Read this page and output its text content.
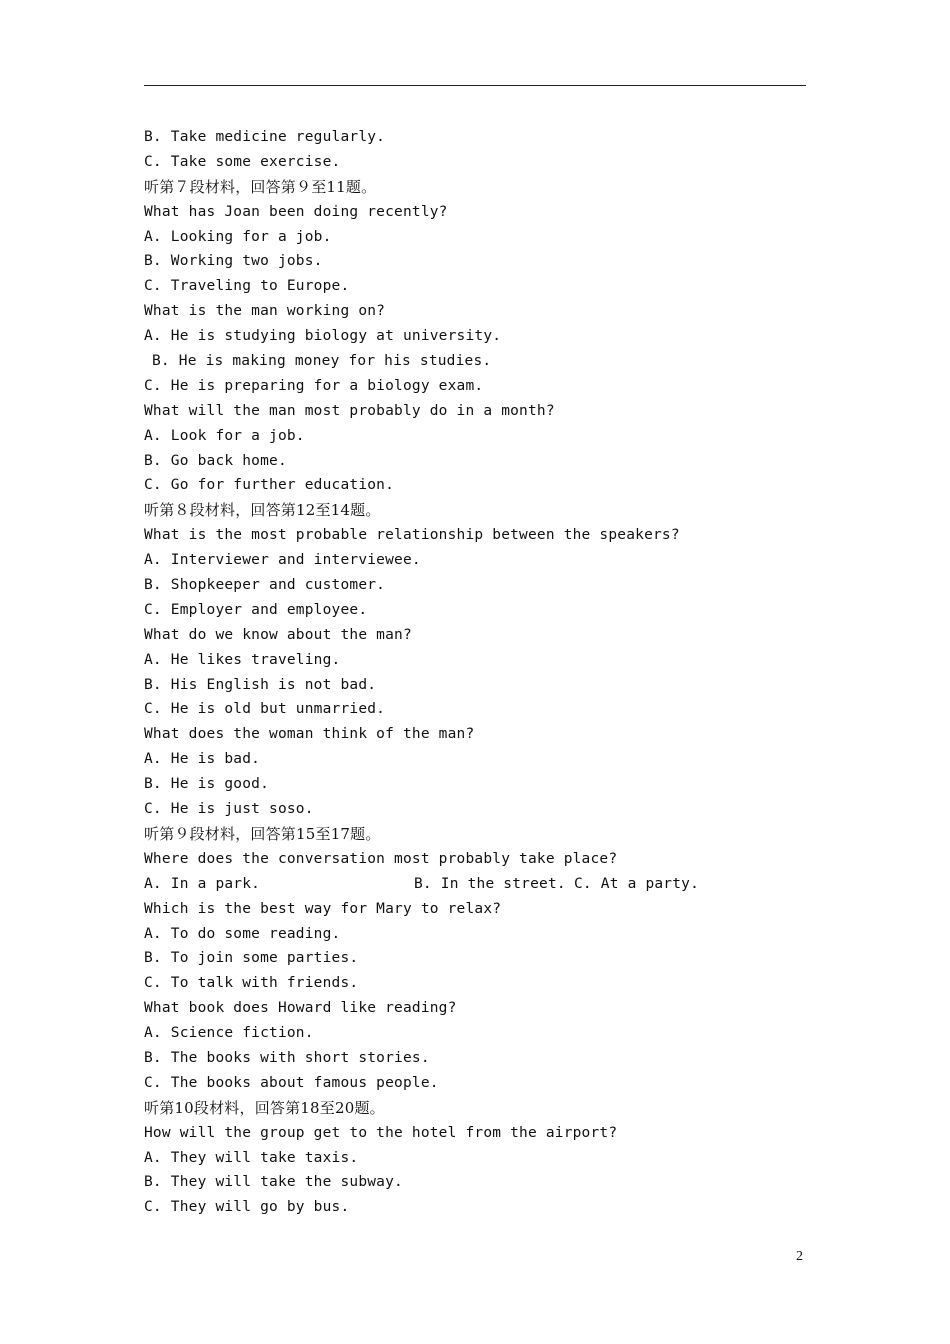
B. Take medicine regularly.
C. Take some exercise.
听第７段材料，回答第９至11题。
What has Joan been doing recently?
A. Looking for a job.
B. Working two jobs.
C. Traveling to Europe.
What is the man working on?
A. He is studying biology at university.
B. He is making money for his studies.
C. He is preparing for a biology exam.
What will the man most probably do in a month?
A. Look for a job.
B. Go back home.
C. Go for further education.
听第８段材料，回答第12至14题。
What is the most probable relationship between the speakers?
A. Interviewer and interviewee.
B. Shopkeeper and customer.
C. Employer and employee.
What do we know about the man?
A. He likes traveling.
B. His English is not bad.
C. He is old but unmarried.
What does the woman think of the man?
A. He is bad.
B. He is good.
C. He is just soso.
听第９段材料，回答第15至17题。
Where does the conversation most probably take place?
A. In a park.	B. In the street. C. At a party.
Which is the best way for Mary to relax?
A. To do some reading.
B. To join some parties.
C. To talk with friends.
What book does Howard like reading?
A. Science fiction.
B. The books with short stories.
C. The books about famous people.
听第10段材料，回答第18至20题。
How will the group get to the hotel from the airport?
A. They will take taxis.
B. They will take the subway.
C. They will go by bus.
2
